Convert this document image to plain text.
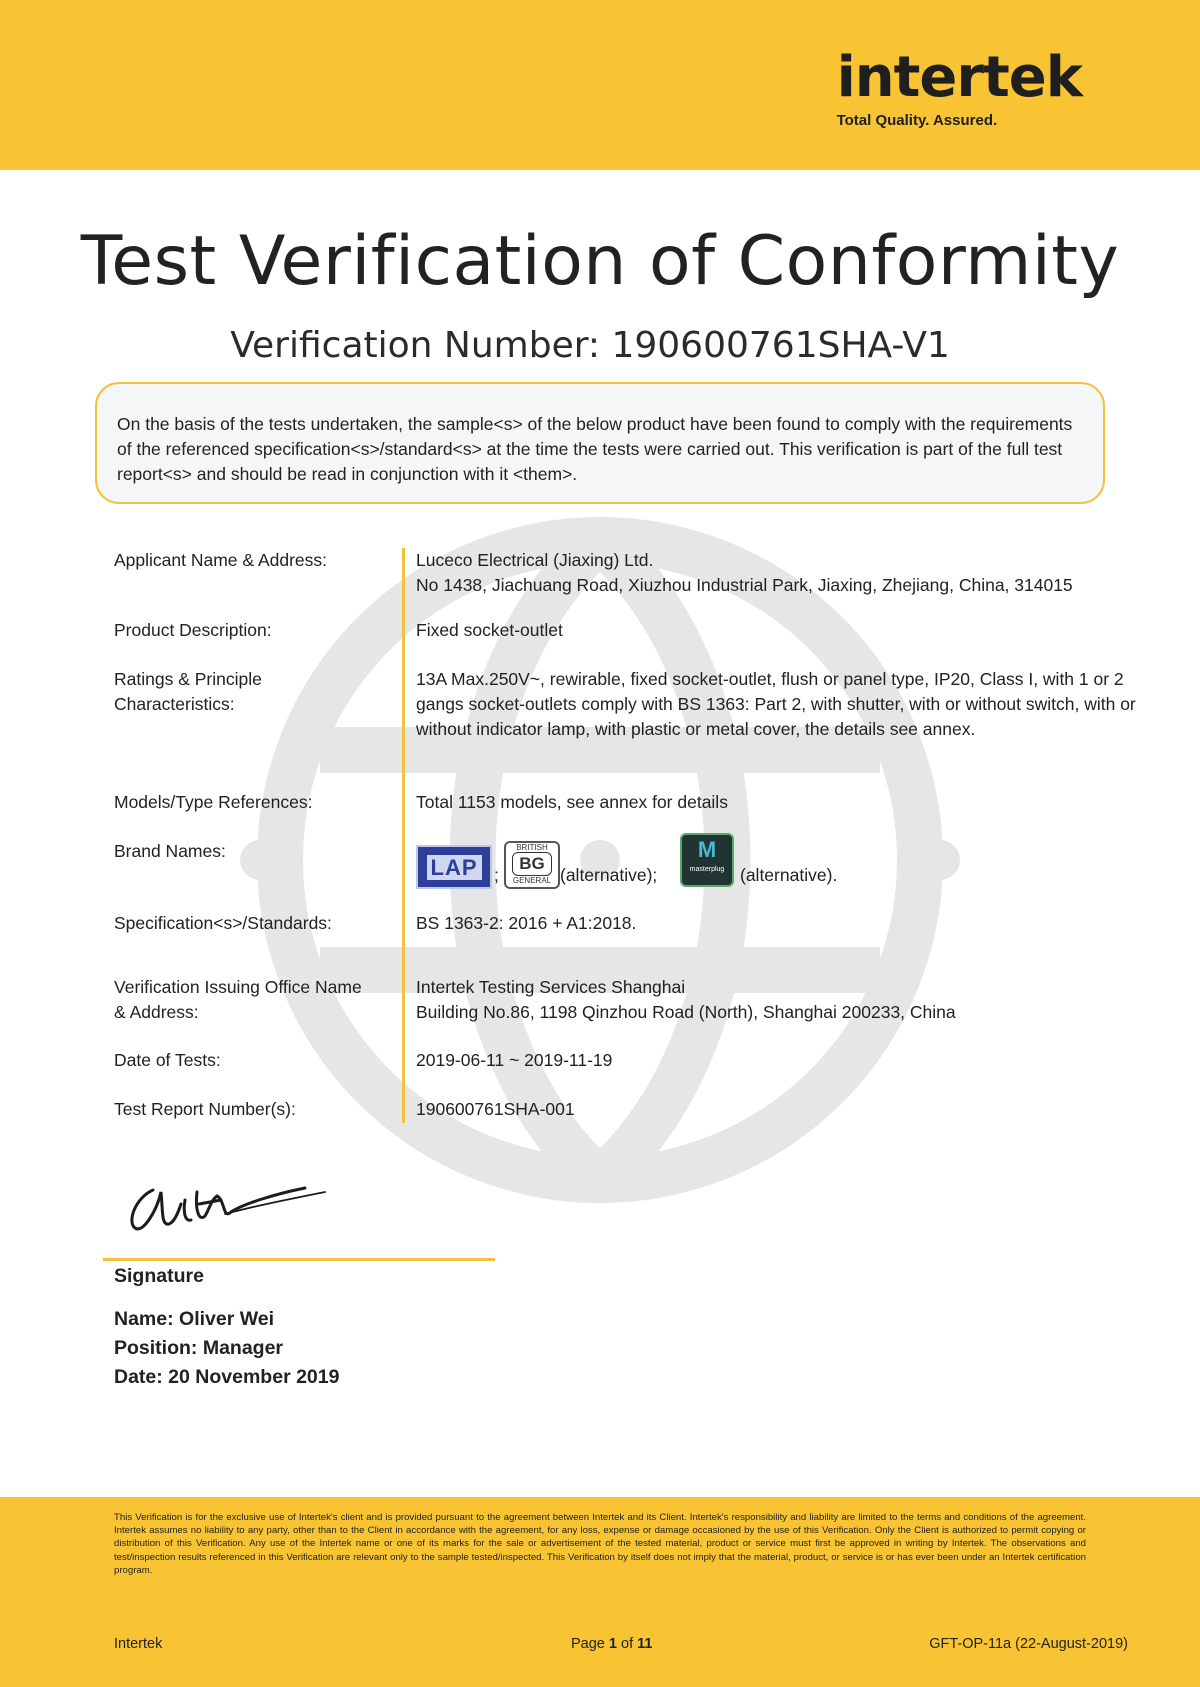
intertek
Total Quality. Assured.
Test Verification of Conformity
Verification Number: 190600761SHA-V1
On the basis of the tests undertaken, the sample<s> of the below product have been found to comply with the requirements of the referenced specification<s>/standard<s> at the time the tests were carried out. This verification is part of the full test report<s> and should be read in conjunction with it <them>.
Applicant Name & Address:	Luceco Electrical (Jiaxing) Ltd.
No 1438, Jiachuang Road, Xiuzhou Industrial Park, Jiaxing, Zhejiang, China, 314015
Product Description:	Fixed socket-outlet
Ratings & Principle
Characteristics:
13A Max.250V~, rewirable, fixed socket-outlet, flush or panel type, IP20, Class I, with 1 or 2 gangs socket-outlets comply with BS 1363: Part 2, with shutter, with or without switch, with or without indicator lamp, with plastic or metal cover, the details see annex.
Models/Type References:	Total 1153 models, see annex for details
Brand Names:
LAP ;
BRITISH
BG
GENERAL (alternative);
M
masterplug (alternative).
Specification<s>/Standards:	BS 1363-2: 2016 + A1:2018.
Verification Issuing Office Name
& Address:
Intertek Testing Services Shanghai
Building No.86, 1198 Qinzhou Road (North), Shanghai 200233, China
Date of Tests:	2019-06-11 ~ 2019-11-19
Test Report Number(s):	190600761SHA-001
Signature
Name: Oliver Wei
Position: Manager
Date: 20 November 2019
This Verification is for the exclusive use of Intertek's client and is provided pursuant to the agreement between Intertek and its Client. Intertek's responsibility and liability are limited to the terms and conditions of the agreement. Intertek assumes no liability to any party, other than to the Client in accordance with the agreement, for any loss, expense or damage occasioned by the use of this Verification. Only the Client is authorized to permit copying or distribution of this Verification. Any use of the Intertek name or one of its marks for the sale or advertisement of the tested material, product or service must first be approved in writing by Intertek. The observations and test/inspection results referenced in this Verification are relevant only to the sample tested/inspected. This Verification by itself does not imply that the material, product, or service is or has ever been under an Intertek certification program.
Intertek	Page 1 of 11	GFT-OP-11a (22-August-2019)
